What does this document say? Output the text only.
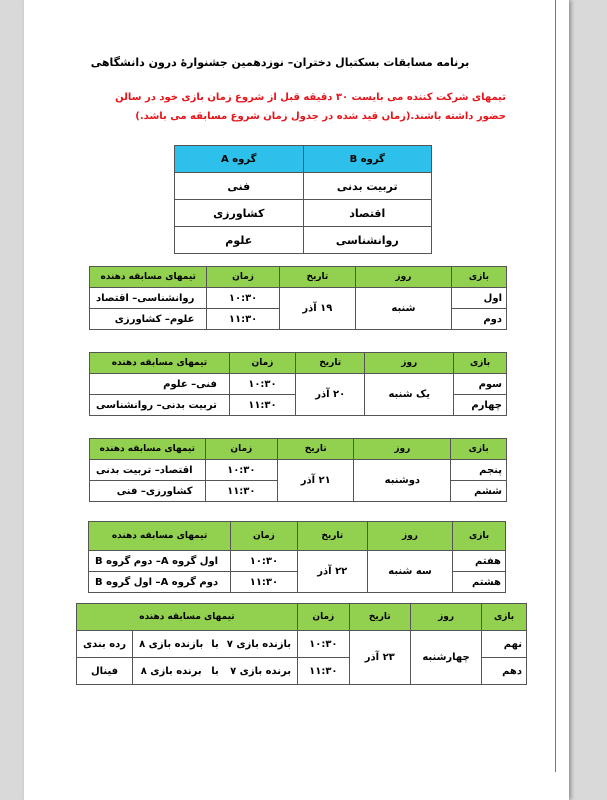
برنامه مسابقات بسکتبال دختران– نوزدهمین جشنوارۀ درون دانشگاهی
تیمهای شرکت کننده می بایست ۳۰ دقیقه قبل از شروع زمان بازی خود در سالن حضور داشته باشند.(زمان قید شده در جدول زمان شروع مسابقه می باشد.)
گروه B	گروه A
تربیت بدنی	فنی
اقتصاد	کشاورزی
روانشناسی	علوم
بازی	روز	تاریخ	زمان	تیمهای مسابقه دهنده
اول	شنبه	۱۹ آذر	۱۰:۳۰	روانشناسی– اقتصاد
دوم			۱۱:۳۰	علوم– کشاورزی
بازی	روز	تاریخ	زمان	تیمهای مسابقه دهنده
سوم	یک شنبه	۲۰ آذر	۱۰:۳۰	فنی– علوم
چهارم			۱۱:۳۰	تربیت بدنی– روانشناسی
بازی	روز	تاریخ	زمان	تیمهای مسابقه دهنده
پنجم	دوشنبه	۲۱ آذر	۱۰:۳۰	اقتصاد– تربیت بدنی
ششم			۱۱:۳۰	کشاورزی– فنی
بازی	روز	تاریخ	زمان	تیمهای مسابقه دهنده
هفتم	سه شنبه	۲۲ آذر	۱۰:۳۰	اول گروه A– دوم گروه B
هشتم			۱۱:۳۰	دوم گروه A– اول گروه B
بازی	روز	تاریخ	زمان	تیمهای مسابقه دهنده			
نهم	چهارشنبه	۲۳ آذر	۱۰:۳۰	بازنده بازی ۷	با	بازنده بازی ۸	رده بندی
دهم			۱۱:۳۰	برنده بازی ۷	با	برنده بازی ۸	فینال
